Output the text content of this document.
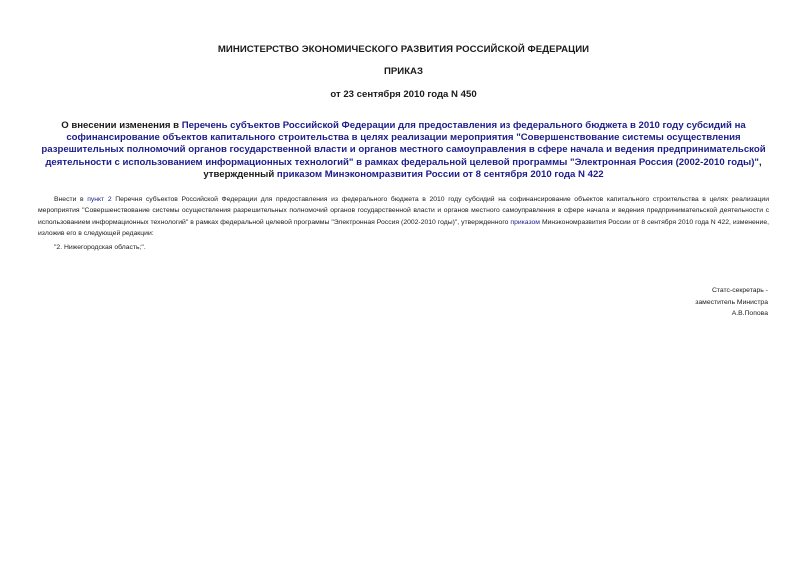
МИНИСТЕРСТВО ЭКОНОМИЧЕСКОГО РАЗВИТИЯ РОССИЙСКОЙ ФЕДЕРАЦИИ
ПРИКАЗ
от 23 сентября 2010 года N 450
О внесении изменения в Перечень субъектов Российской Федерации для предоставления из федерального бюджета в 2010 году субсидий на софинансирование объектов капитального строительства в целях реализации мероприятия "Совершенствование системы осуществления разрешительных полномочий органов государственной власти и органов местного самоуправления в сфере начала и ведения предпринимательской деятельности с использованием информационных технологий" в рамках федеральной целевой программы "Электронная Россия (2002-2010 годы)", утвержденный приказом Минэкономразвития России от 8 сентября 2010 года N 422
Внести в пункт 2 Перечня субъектов Российской Федерации для предоставления из федерального бюджета в 2010 году субсидий на софинансирование объектов капитального строительства в целях реализации мероприятия "Совершенствование системы осуществления разрешительных полномочий органов государственной власти и органов местного самоуправления в сфере начала и ведения предпринимательской деятельности с использованием информационных технологий" в рамках федеральной целевой программы "Электронная Россия (2002-2010 годы)", утвержденного приказом Минэкономразвития России от 8 сентября 2010 года N 422, изменение, изложив его в следующей редакции:
"2. Нижегородская область;".
Статс-секретарь -
заместитель Министра
А.В.Попова
